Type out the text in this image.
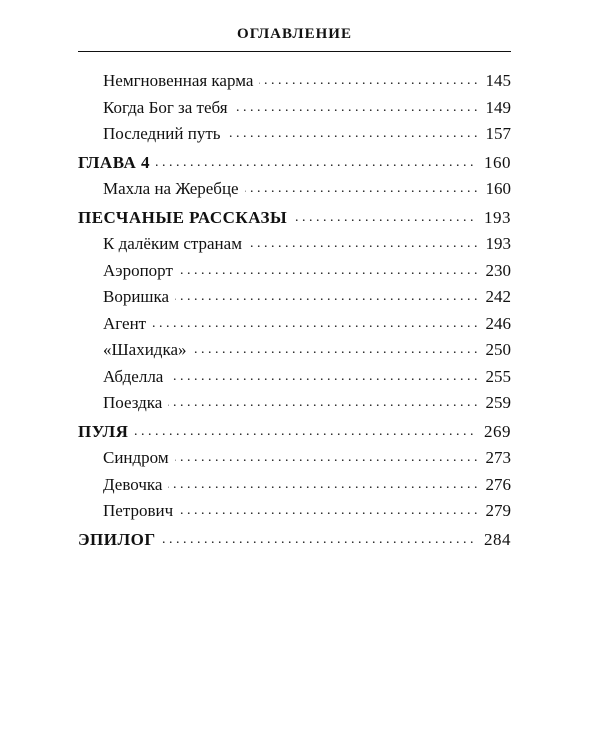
ОГЛАВЛЕНИЕ
. . .
Немгновенная карма	145
. . .
Когда Бог за тебя	149
. . .
Последний путь	157
. . .
ГЛАВА 4	160
. . .
Махла на Жеребце	160
. . .
ПЕСЧАНЫЕ РАССКАЗЫ	193
. . .
К далёким странам	193
. . .
Аэропорт	230
. . .
Воришка	242
. . .
Агент	246
. . .
«Шахидка»	250
. . .
Абделла	255
. . .
Поездка	259
. . .
ПУЛЯ	269
. . .
Синдром	273
. . .
Девочка	276
. . .
Петрович	279
. . .
ЭПИЛОГ	284
